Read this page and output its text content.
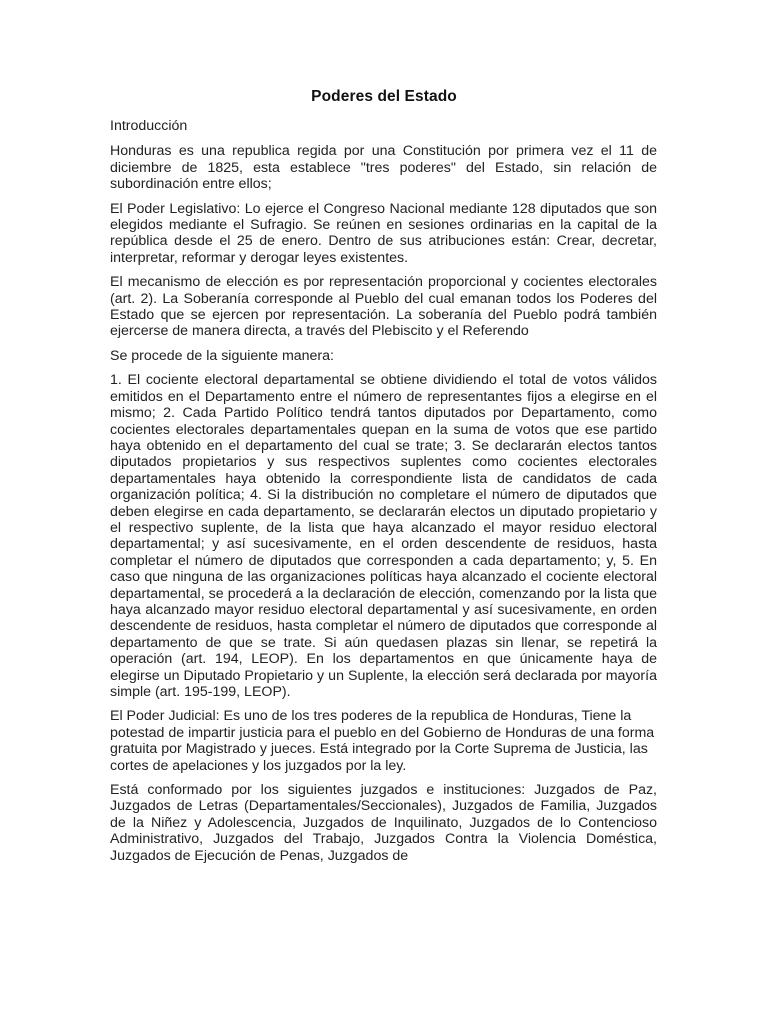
Poderes del Estado

Introducción

Honduras es una republica regida por una Constitución por primera vez el 11 de diciembre de 1825, esta establece "tres poderes" del Estado, sin relación de subordinación entre ellos;

El Poder Legislativo: Lo ejerce el Congreso Nacional mediante 128 diputados que son elegidos mediante el Sufragio. Se reúnen en sesiones ordinarias en la capital de la república desde el 25 de enero. Dentro de sus atribuciones están: Crear, decretar, interpretar, reformar y derogar leyes existentes.

El mecanismo de elección es por representación proporcional y cocientes electorales (art. 2). La Soberanía corresponde al Pueblo del cual emanan todos los Poderes del Estado que se ejercen por representación. La soberanía del Pueblo podrá también ejercerse de manera directa, a través del Plebiscito y el Referendo

Se procede de la siguiente manera:

1. El cociente electoral departamental se obtiene dividiendo el total de votos válidos emitidos en el Departamento entre el número de representantes fijos a elegirse en el mismo; 2. Cada Partido Político tendrá tantos diputados por Departamento, como cocientes electorales departamentales quepan en la suma de votos que ese partido haya obtenido en el departamento del cual se trate; 3. Se declararán electos tantos diputados propietarios y sus respectivos suplentes como cocientes electorales departamentales haya obtenido la correspondiente lista de candidatos de cada organización política; 4. Si la distribución no completare el número de diputados que deben elegirse en cada departamento, se declararán electos un diputado propietario y el respectivo suplente, de la lista que haya alcanzado el mayor residuo electoral departamental; y así sucesivamente, en el orden descendente de residuos, hasta completar el número de diputados que corresponden a cada departamento; y, 5. En caso que ninguna de las organizaciones políticas haya alcanzado el cociente electoral departamental, se procederá a la declaración de elección, comenzando por la lista que haya alcanzado mayor residuo electoral departamental y así sucesivamente, en orden descendente de residuos, hasta completar el número de diputados que corresponde al departamento de que se trate. Si aún quedasen plazas sin llenar, se repetirá la operación (art. 194, LEOP). En los departamentos en que únicamente haya de elegirse un Diputado Propietario y un Suplente, la elección será declarada por mayoría simple (art. 195-199, LEOP).

El Poder Judicial: Es uno de los tres poderes de la republica de Honduras, Tiene la potestad de impartir justicia para el pueblo en del Gobierno de Honduras de una forma gratuita por Magistrado y jueces. Está integrado por la Corte Suprema de Justicia, las cortes de apelaciones y los juzgados por la ley.

Está conformado por los siguientes juzgados e instituciones: Juzgados de Paz, Juzgados de Letras (Departamentales/Seccionales), Juzgados de Familia, Juzgados de la Niñez y Adolescencia, Juzgados de Inquilinato, Juzgados de lo Contencioso Administrativo, Juzgados del Trabajo, Juzgados Contra la Violencia Doméstica, Juzgados de Ejecución de Penas, Juzgados de
